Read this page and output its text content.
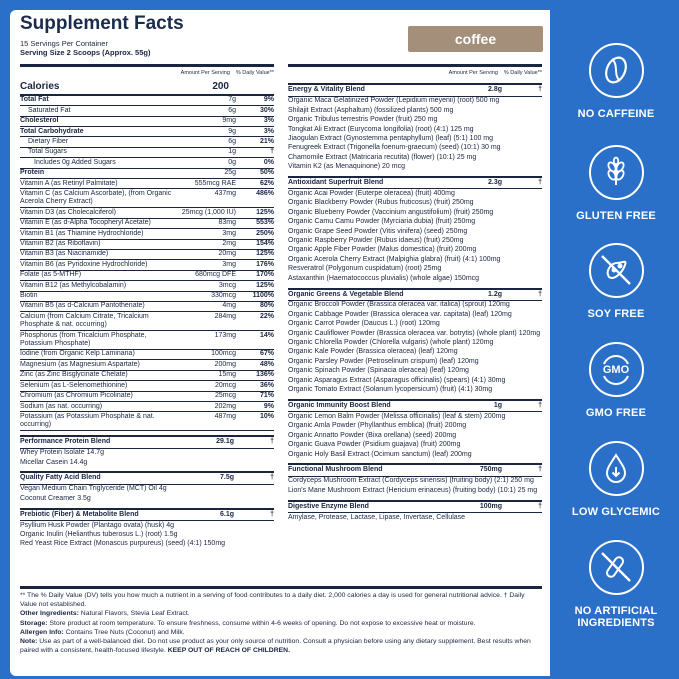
Supplement Facts
15 Servings Per Container
Serving Size 2 Scoops (Approx. 55g)
coffee
Amount Per Serving % Daily Value**
Calories	200
Total Fat	7g	9%
Saturated Fat	6g	30%
Cholesterol	9mg	3%
Total Carbohydrate	9g	3%
Dietary Fiber	6g	21%
Total Sugars	1g	†
Includes 0g Added Sugars	0g	0%
Protein	25g	50%
Vitamin A (as Retinyl Palmitate)	555mcg RAE	62%
Vitamin C (as Calcium Ascorbate), (from Organic Acerola Cherry Extract)
437mg	486%
Vitamin D3 (as Cholecalciferol)	25mcg (1,000 IU)	125%
Vitamin E (as d-Alpha Tocopheryl Acetate)	83mg	553%
Vitamin B1 (as Thiamine Hydrochloride)	3mg	250%
Vitamin B2 (as Riboflavin)	2mg	154%
Vitamin B3 (as Niacinamide)	20mg	125%
Vitamin B6 (as Pyridoxine Hydrochloride)	3mg	176%
Folate (as 5-MTHF)	680mcg DFE	170%
Vitamin B12 (as Methylcobalamin)	3mcg	125%
Biotin	330mcg	1100%
Vitamin B5 (as d-Calcium Pantothenate)	4mg	80%
Calcium (from Calcium Citrate, Tricalcium Phosphate & nat. occurring)
284mg	22%
Phosphorus (from Tricalcium Phosphate, Potassium Phosphate)
173mg	14%
Iodine (from Organic Kelp Laminaria)	100mcg	67%
Magnesium (as Magnesium Aspartate)	200mg	48%
Zinc (as Zinc Bisglycinate Chelate)	15mg	136%
Selenium (as L-Selenomethionine)	20mcg	36%
Chromium (as Chromium Picolinate)	25mcg	71%
Sodium (as nat. occurring)	202mg	9%
Potassium (as Potassium Phosphate & nat. occurring)
487mg	10%
Performance Protein Blend	29.1g	†
Whey Protein Isolate 14.7g
Micellar Casein 14.4g
Quality Fatty Acid Blend	7.5g	†
Vegan Medium Chain Triglyceride (MCT) Oil 4g
Coconut Creamer 3.5g
Prebiotic (Fiber) & Metabolite Blend	6.1g	†
Psyllium Husk Powder (Plantago ovata) (husk) 4g
Organic Inulin (Helianthus tuberosus L.) (root) 1.5g
Red Yeast Rice Extract (Monascus purpureus) (seed) (4:1) 150mg
Amount Per Serving % Daily Value**
Energy & Vitality Blend	2.8g	†
Organic Maca Gelatinized Powder (Lepidium meyenii) (root) 500 mg
Shilajit Extract (Asphaltum) (fossilized plants) 500 mg
Organic Tribulus terrestris Powder (fruit) 250 mg
Tongkat Ali Extract (Eurycoma longifolia) (root) (4:1) 125 mg
Jiaogulan Extract (Gynostemma pentaphyllum) (leaf) (5:1) 100 mg
Fenugreek Extract (Trigonella foenum-graecum) (seed) (10:1) 30 mg
Chamomile Extract (Matricaria recutita) (flower) (10:1) 25 mg
Vitamin K2 (as Menaquinone) 20 mcg
Antioxidant Superfruit Blend	2.3g	†
Organic Acai Powder (Euterpe oleracea) (fruit) 400mg
Organic Blackberry Powder (Rubus fruticosus) (fruit) 250mg
Organic Blueberry Powder (Vaccinium angustifolium) (fruit) 250mg
Organic Camu Camu Powder (Myrciaria dubia) (fruit) 250mg
Organic Grape Seed Powder (Vitis vinifera) (seed) 250mg
Organic Raspberry Powder (Rubus idaeus) (fruit) 250mg
Organic Apple Fiber Powder (Malus domestica) (fruit) 200mg
Organic Acerola Cherry Extract (Malpighia glabra) (fruit) (4:1) 100mg
Resveratrol (Polygonum cuspidatum) (root) 25mg
Astaxanthin (Haematococcus pluvialis) (whole algae) 150mcg
Organic Greens & Vegetable Blend	1.2g	†
Organic Broccoli Powder (Brassica oleracea var. italica) (sprout) 120mg
Organic Cabbage Powder (Brassica oleracea var. capitata) (leaf) 120mg
Organic Carrot Powder (Daucus L.) (root) 120mg
Organic Cauliflower Powder (Brassica oleracea var. botrytis) (whole plant) 120mg
Organic Chlorella Powder (Chlorella vulgaris) (whole plant) 120mg
Organic Kale Powder (Brassica oleracea) (leaf) 120mg
Organic Parsley Powder (Petroselinum crispum) (leaf) 120mg
Organic Spinach Powder (Spinacia oleracea) (leaf) 120mg
Organic Asparagus Extract (Asparagus officinalis) (spears) (4:1) 30mg
Organic Tomato Extract (Solanum lycopersicum) (fruit) (4:1) 30mg
Organic Immunity Boost Blend	1g	†
Organic Lemon Balm Powder (Melissa officinalis) (leaf & stem) 200mg
Organic Amla Powder (Phyllanthus emblica) (fruit) 200mg
Organic Annatto Powder (Bixa orellana) (seed) 200mg
Organic Guava Powder (Psidium guajava) (fruit) 200mg
Organic Holy Basil Extract (Ocimum sanctum) (leaf) 200mg
Functional Mushroom Blend	750mg	†
Cordyceps Mushroom Extract (Cordyceps sinensis) (fruiting body) (2:1) 250 mg
Lion's Mane Mushroom Extract (Hericium erinaceus) (fruiting body) (10:1) 25 mg
Digestive Enzyme Blend	100mg	†
Amylase, Protease, Lactase, Lipase, Invertase, Cellulase
** The % Daily Value (DV) tells you how much a nutrient in a serving of food contributes to a daily diet. 2,000 calories a day is used for general nutritional advice. † Daily Value not established.
Other Ingredients: Natural Flavors, Stevia Leaf Extract.
Storage: Store product at room temperature. To ensure freshness, consume within 4-6 weeks of opening. Do not expose to excessive heat or moisture.
Allergen Info: Contains Tree Nuts (Coconut) and Milk.
Note: Use as part of a well-balanced diet. Do not use product as your only source of nutrition. Consult a physician before using any dietary supplement. Best results when paired with a consistent, health-focused lifestyle. KEEP OUT OF REACH OF CHILDREN.
NO CAFFEINE
GLUTEN FREE
SOY FREE
GMO
GMO FREE
LOW GLYCEMIC
NO ARTIFICIAL INGREDIENTS
